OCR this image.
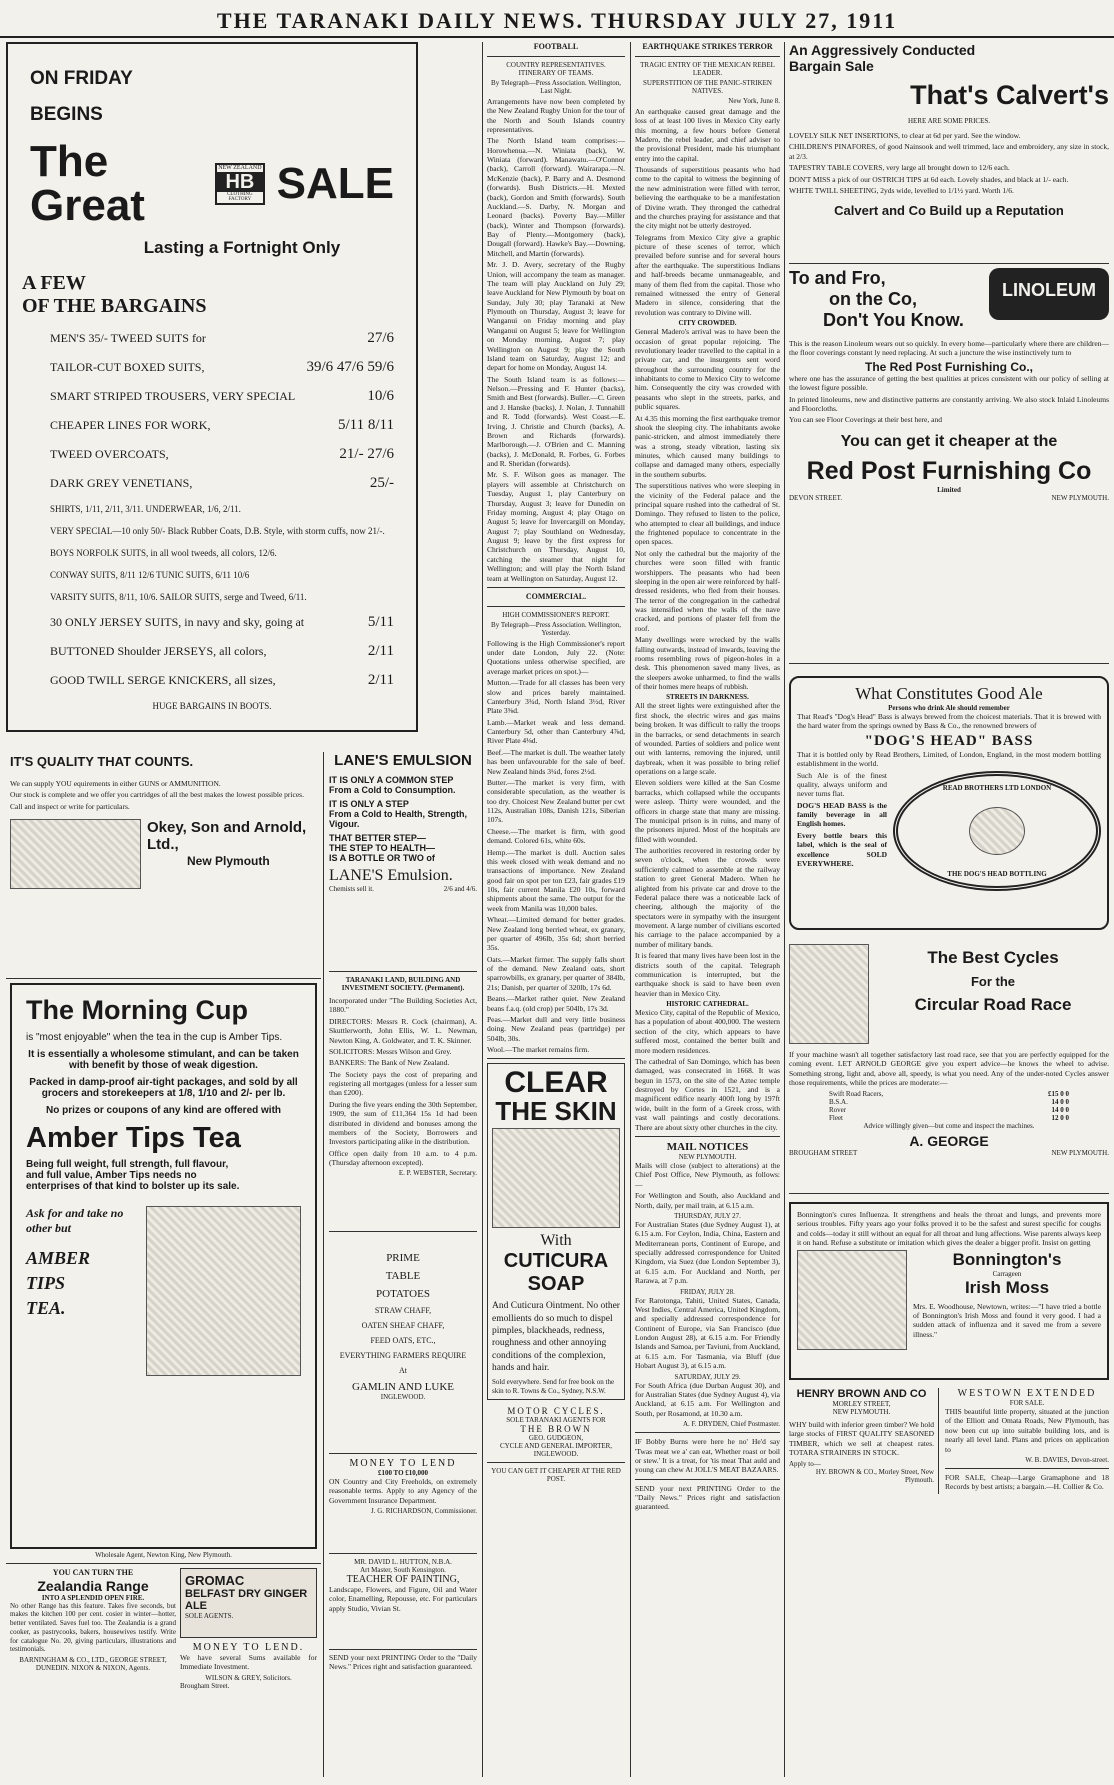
THE TARANAKI DAILY NEWS. THURSDAY JULY 27, 1911
ON FRIDAY
BEGINS
The Great
NEW ZEALAND
HB
CLOTHING FACTORY SALE
Lasting a Fortnight Only
A FEW
OF THE BARGAINS
MEN'S 35/- TWEED SUITS for	27/6
TAILOR-CUT BOXED SUITS,	39/6 47/6 59/6
SMART STRIPED TROUSERS, VERY SPECIAL	10/6
CHEAPER LINES FOR WORK,	5/11 8/11
TWEED OVERCOATS,	21/- 27/6
DARK GREY VENETIANS,	25/-
SHIRTS, 1/11, 2/11, 3/11. UNDERWEAR, 1/6, 2/11.
VERY SPECIAL—10 only 50/- Black Rubber Coats, D.B. Style, with storm cuffs, now 21/-.
BOYS NORFOLK SUITS, in all wool tweeds, all colors, 12/6.
CONWAY SUITS, 8/11 12/6 TUNIC SUITS, 6/11 10/6
VARSITY SUITS, 8/11, 10/6. SAILOR SUITS, serge and Tweed, 6/11.
30 ONLY JERSEY SUITS, in navy and sky, going at	5/11
BUTTONED Shoulder JERSEYS, all colors,	2/11
GOOD TWILL SERGE KNICKERS, all sizes,	2/11
HUGE BARGAINS IN BOOTS.
IT'S QUALITY THAT COUNTS.
We can supply YOU equirements in either GUNS or AMMUNITION.
Our stock is complete and we offer you cartridges of all the best makes the lowest possible prices.
Call and inspect or write for particulars.
Okey, Son and Arnold, Ltd.,
New Plymouth
The Morning Cup
is "most enjoyable" when the tea in the cup is Amber Tips.
It is essentially a wholesome stimulant, and can be taken with benefit by those of weak digestion.
Packed in damp-proof air-tight packages, and sold by all grocers and storekeepers at 1/8, 1/10 and 2/- per lb.
No prizes or coupons of any kind are offered with
Amber Tips Tea
Being full weight, full strength, full flavour, and full value, Amber Tips needs no enterprises of that kind to bolster up its sale.
Ask for and take no other but
AMBER
TIPS
TEA.
Wholesale Agent, Newton King, New Plymouth.
YOU CAN TURN THE
Zealandia Range
INTO A SPLENDID OPEN FIRE.
No other Range has this feature. Takes five seconds, but makes the kitchen 100 per cent. cosier in winter—hotter, better ventilated. Saves fuel too. The Zealandia is a grand cooker, as pastrycooks, bakers, housewives testify. Write for catalogue No. 20, giving particulars, illustrations and testimonials.
BARNINGHAM & CO., LTD., GEORGE STREET, DUNEDIN. NIXON & NIXON, Agents.
GROMAC
BELFAST DRY GINGER ALE
SOLE AGENTS.
MONEY TO LEND.
We have several Sums available for Immediate Investment.
WILSON & GREY, Solicitors.
Brougham Street.
LANE'S EMULSION
IT IS ONLY A COMMON STEP
From a Cold to Consumption.
IT IS ONLY A STEP
From a Cold to Health, Strength, Vigour.
THAT BETTER STEP—
THE STEP TO HEALTH—
IS A BOTTLE OR TWO of
LANE'S Emulsion.
Chemists sell it.	2/6 and 4/6.
TARANAKI LAND, BUILDING AND INVESTMENT SOCIETY. (Permanent).
Incorporated under "The Building Societies Act, 1880."
DIRECTORS: Messrs R. Cock (chairman), A. Skuttlerworth, John Ellis, W. L. Newman, Newton King, A. Goldwater, and T. K. Skinner.
SOLICITORS: Messrs Wilson and Grey.
BANKERS: The Bank of New Zealand.
The Society pays the cost of preparing and registering all mortgages (unless for a lesser sum than £200).
During the five years ending the 30th September, 1909, the sum of £11,364 15s 1d had been distributed in dividend and bonuses among the members of the Society, Borrowers and Investors participating alike in the distribution.
Office open daily from 10 a.m. to 4 p.m. (Thursday afternoon excepted).
E. P. WEBSTER, Secretary.
PRIME
TABLE
POTATOES
STRAW CHAFF,
OATEN SHEAF CHAFF,
FEED OATS, ETC.,
EVERYTHING FARMERS REQUIRE
At
GAMLIN AND LUKE
INGLEWOOD.
MONEY TO LEND
£100 TO £10,000
ON Country and City Freeholds, on extremely reasonable terms. Apply to any Agency of the Government Insurance Department.
J. G. RICHARDSON, Commissioner.
MR. DAVID L. HUTTON, N.B.A.
Art Master, South Kensington.
TEACHER OF PAINTING,
Landscape, Flowers, and Figure, Oil and Water color, Enamelling, Repousse, etc. For particulars apply Studio, Vivian St.
SEND your next PRINTING Order to the "Daily News." Prices right and satisfaction guaranteed.
FOOTBALL
COUNTRY REPRESENTATIVES.
ITINERARY OF TEAMS.
By Telegraph—Press Association. Wellington, Last Night.
Arrangements have now been completed by the New Zealand Rugby Union for the tour of the North and South Islands country representatives.
The North Island team comprises:—Horowhenua.—N. Winiata (back), W. Winiata (forward). Manawatu.—O'Connor (back), Carroll (forward). Wairarapa.—N. McKenzie (back), P. Barry and A. Desmond (forwards). Bush Districts.—H. Mexted (back), Gordon and Smith (forwards). South Auckland.—S. Darby, N. Morgan and Leonard (backs). Poverty Bay.—Miller (back), Winter and Thompson (forwards). Bay of Plenty.—Montgomery (back), Dougall (forward). Hawke's Bay.—Downing, Mitchell, and Martin (forwards).
Mr. J. D. Avery, secretary of the Rugby Union, will accompany the team as manager. The team will play Auckland on July 29; leave Auckland for New Plymouth by boat on Sunday, July 30; play Taranaki at New Plymouth on Thursday, August 3; leave for Wanganui on Friday morning and play Wanganui on August 5; leave for Wellington on Monday morning, August 7; play Wellington on August 9; play the South Island team on Saturday, August 12; and depart for home on Monday, August 14.
The South Island team is as follows:—Nelson.—Pressing and F. Hunter (backs), Smith and Best (forwards). Buller.—C. Green and J. Hanske (backs), J. Nolan, J. Tunnahill and R. Todd (forwards). West Coast.—E. Irving, J. Christie and Church (backs), A. Brown and Richards (forwards). Marlborough.—J. O'Brien and C. Manning (backs), J. McDonald, R. Forbes, G. Forbes and R. Sheridan (forwards).
Mr. S. F. Wilson goes as manager. The players will assemble at Christchurch on Tuesday, August 1, play Canterbury on Thursday, August 3; leave for Dunedin on Friday morning, August 4; play Otago on August 5; leave for Invercargill on Monday, August 7; play Southland on Wednesday, August 9; leave by the first express for Christchurch on Thursday, August 10, catching the steamer that night for Wellington; and will play the North Island team at Wellington on Saturday, August 12.
COMMERCIAL.
HIGH COMMISSIONER'S REPORT.
By Telegraph—Press Association. Wellington, Yesterday.
Following is the High Commissioner's report under date London, July 22. (Note: Quotations unless otherwise specified, are average market prices on spot.)—
Mutton.—Trade for all classes has been very slow and prices barely maintained. Canterbury 3¾d, North Island 3½d, River Plate 3⅝d.
Lamb.—Market weak and less demand. Canterbury 5d, other than Canterbury 4⅞d, River Plate 4⅛d.
Beef.—The market is dull. The weather lately has been unfavourable for the sale of beef. New Zealand hinds 3¼d, fores 2½d.
Butter.—The market is very firm, with considerable speculation, as the weather is too dry. Choicest New Zealand butter per cwt 112s, Australian 108s, Danish 121s, Siberian 107s.
Cheese.—The market is firm, with good demand. Colored 61s, white 60s.
Hemp.—The market is dull. Auction sales this week closed with weak demand and no transactions of importance. New Zealand good fair on spot per ton £23, fair grades £19 10s, fair current Manila £20 10s, forward shipments about the same. The output for the week from Manila was 10,000 bales.
Wheat.—Limited demand for better grades. New Zealand long berried wheat, ex granary, per quarter of 496lb, 35s 6d; short berried 35s.
Oats.—Market firmer. The supply falls short of the demand. New Zealand oats, short sparrowbills, ex granary, per quarter of 384lb, 21s; Danish, per quarter of 320lb, 17s 6d.
Beans.—Market rather quiet. New Zealand beans f.a.q. (old crop) per 504lb, 17s 3d.
Peas.—Market dull and very little business doing. New Zealand peas (partridge) per 504lb, 30s.
Wool.—The market remains firm.
CLEAR
THE SKIN
With
CUTICURA
SOAP
And Cuticura Ointment. No other emollients do so much to dispel pimples, blackheads, redness, roughness and other annoying conditions of the complexion, hands and hair.
Sold everywhere. Send for free book on the skin to R. Towns & Co., Sydney, N.S.W.
MOTOR CYCLES.
SOLE TARANAKI AGENTS FOR
THE BROWN
GEO. GUDGEON,
CYCLE AND GENERAL IMPORTER, INGLEWOOD.
YOU CAN GET IT CHEAPER AT THE RED POST.
EARTHQUAKE STRIKES TERROR
TRAGIC ENTRY OF THE MEXICAN REBEL LEADER.
SUPERSTITION OF THE PANIC-STRIKEN NATIVES.
New York, June 8.
An earthquake caused great damage and the loss of at least 100 lives in Mexico City early this morning, a few hours before General Madero, the rebel leader, and chief adviser to the provisional President, made his triumphant entry into the capital.
Thousands of superstitious peasants who had come to the capital to witness the beginning of the new administration were filled with terror, believing the earthquake to be a manifestation of Divine wrath. They thronged the cathedral and the churches praying for assistance and that the city might not be utterly destroyed.
Telegrams from Mexico City give a graphic picture of these scenes of terror, which prevailed before sunrise and for several hours after the earthquake. The superstitious Indians and half-breeds became unmanageable, and many of them fled from the capital. Those who remained witnessed the entry of General Madero in silence, considering that the revolution was contrary to Divine will.
CITY CROWDED.
General Madero's arrival was to have been the occasion of great popular rejoicing. The revolutionary leader travelled to the capital in a private car, and the insurgents sent word throughout the surrounding country for the inhabitants to come to Mexico City to welcome him. Consequently the city was crowded with peasants who slept in the streets, parks, and public squares.
At 4.35 this morning the first earthquake tremor shook the sleeping city. The inhabitants awoke panic-stricken, and almost immediately there was a strong, steady vibration, lasting six minutes, which caused many buildings to collapse and damaged many others, especially in the southern suburbs.
The superstitious natives who were sleeping in the vicinity of the Federal palace and the principal square rushed into the cathedral of St. Domingo. They refused to listen to the police, who attempted to clear all buildings, and induce the frightened populace to concentrate in the open spaces.
Not only the cathedral but the majority of the churches were soon filled with frantic worshippers. The peasants who had been sleeping in the open air were reinforced by half-dressed residents, who fled from their houses. The terror of the congregation in the cathedral was intensified when the walls of the nave cracked, and portions of plaster fell from the roof.
Many dwellings were wrecked by the walls falling outwards, instead of inwards, leaving the rooms resembling rows of pigeon-holes in a desk. This phenomenon saved many lives, as the sleepers awoke unharmed, to find the walls of their homes mere heaps of rubbish.
STREETS IN DARKNESS.
All the street lights were extinguished after the first shock, the electric wires and gas mains being broken. It was difficult to rally the troops in the barracks, or send detachments in search of wounded. Parties of soldiers and police went out with lanterns, removing the injured, until daybreak, when it was possible to bring relief operations on a large scale.
Eleven soldiers were killed at the San Cosme barracks, which collapsed while the occupants were asleep. Thirty were wounded, and the officers in charge state that many are missing. The municipal prison is in ruins, and many of the prisoners injured. Most of the hospitals are filled with wounded.
The authorities recovered in restoring order by seven o'clock, when the crowds were sufficiently calmed to assemble at the railway station to greet General Madero. When he alighted from his private car and drove to the Federal palace there was a noticeable lack of cheering, although the majority of the spectators were in sympathy with the insurgent movement. A large number of civilians escorted his carriage to the palace accompanied by a number of military bands.
It is feared that many lives have been lost in the districts south of the capital. Telegraph communication is interrupted, but the earthquake shock is said to have been even heavier than in Mexico City.
HISTORIC CATHEDRAL.
Mexico City, capital of the Republic of Mexico, has a population of about 400,000. The western section of the city, which appears to have suffered most, contained the better built and more modern residences.
The cathedral of San Domingo, which has been damaged, was consecrated in 1668. It was begun in 1573, on the site of the Aztec temple destroyed by Cortes in 1521, and is a magnificent edifice nearly 400ft long by 197ft wide, built in the form of a Greek cross, with vast wall paintings and costly decorations. There are about sixty other churches in the city.
MAIL NOTICES
NEW PLYMOUTH.
Mails will close (subject to alterations) at the Chief Post Office, New Plymouth, as follows:—
For Wellington and South, also Auckland and North, daily, per mail train, at 6.15 a.m.
THURSDAY, JULY 27.
For Australian States (due Sydney August 1), at 6.15 a.m. For Ceylon, India, China, Eastern and Mediterranean ports, Continent of Europe, and specially addressed correspondence for United Kingdom, via Suez (due London September 3), at 6.15 a.m. For Auckland and North, per Rarawa, at 7 p.m.
FRIDAY, JULY 28.
For Rarotonga, Tahiti, United States, Canada, West Indies, Central America, United Kingdom, and specially addressed correspondence for Continent of Europe, via San Francisco (due London August 28), at 6.15 a.m. For Friendly Islands and Samoa, per Taviuni, from Auckland, at 6.15 a.m. For Tasmania, via Bluff (due Hobart August 3), at 6.15 a.m.
SATURDAY, JULY 29.
For South Africa (due Durban August 30), and for Australian States (due Sydney August 4), via Auckland, at 6.15 a.m. For Wellington and South, per Rosamond, at 10.30 a.m.
A. F. DRYDEN, Chief Postmaster.
IF Bobby Burns were here he no' He'd say 'Twas meat we a' can eat, Whether roast or boil or stew.' It is a treat, for 'tis meat That auld and young can chew At JOLL'S MEAT BAZAARS.
SEND your next PRINTING Order to the "Daily News." Prices right and satisfaction guaranteed.
An Aggressively Conducted
Bargain Sale
That's Calvert's
HERE ARE SOME PRICES.
LOVELY SILK NET INSERTIONS, to clear at 6d per yard. See the window.
CHILDREN'S PINAFORES, of good Nainsook and well trimmed, lace and embroidery, any size in stock, at 2/3.
TAPESTRY TABLE COVERS, very large all brought down to 12/6 each.
DON'T MISS a pick of our OSTRICH TIPS at 6d each. Lovely shades, and black at 1/- each.
WHITE TWILL SHEETING, 2yds wide, levelled to 1/1½ yard. Worth 1/6.
Calvert and Co Build up a Reputation
To and Fro,
on the Co,
Don't You Know.
LINOLEUM
This is the reason Linoleum wears out so quickly. In every home—particularly where there are children—the floor coverings constant ly need replacing. At such a juncture the wise instinctively turn to
The Red Post Furnishing Co.,
where one has the assurance of getting the best qualities at prices consistent with our policy of selling at the lowest figure possible.
In printed linoleums, new and distinctive patterns are constantly arriving. We also stock Inlaid Linoleums and Floorcloths.
You can see Floor Coverings at their best here, and
You can get it cheaper at the
Red Post Furnishing Co
Limited
DEVON STREET.	NEW PLYMOUTH.
What Constitutes Good Ale
Persons who drink Ale should remember
That Read's "Dog's Head" Bass is always brewed from the choicest materials. That it is brewed with the hard water from the springs owned by Bass & Co., the renowned brewers of
"DOG'S HEAD" BASS
That it is bottled only by Read Brothers, Limited, of London, England, in the most modern bottling establishment in the world.
Such Ale is of the finest quality, always uniform and never turns flat.
DOG'S HEAD BASS is the family beverage in all English homes.
Every bottle bears this label, which is the seal of excellence SOLD EVERYWHERE.
READ BROTHERS LTD LONDON
THE DOG'S HEAD BOTTLING
The Best Cycles
For the
Circular Road Race
If your machine wasn't all together satisfactory last road race, see that you are perfectly equipped for the coming event. LET ARNOLD GEORGE give you expert advice—he knows the wheel to advise. Something strong, light and, above all, speedy, is what you need. Any of the under-noted Cycles answer those requirements, while the prices are moderate:—
Swift Road Racers,	£15 0 0
B.S.A.	14 0 0
Rover	14 0 0
Fleet	12 0 0
Advice willingly given—but come and inspect the machines.
A. GEORGE
BROUGHAM STREET	NEW PLYMOUTH.
Bonnington's cures Influenza. It strengthens and heals the throat and lungs, and prevents more serious troubles. Fifty years ago your folks proved it to be the safest and surest specific for coughs and colds—today it still without an equal for all throat and lung affections. Wise parents always keep it on hand. Refuse a substitute or imitation which gives the dealer a bigger profit. Insist on getting
Bonnington's
Carrageen
Irish Moss
Mrs. E. Woodhouse, Newtown, writes:—"I have tried a bottle of Bonnington's Irish Moss and found it very good. I had a sudden attack of influenza and it saved me from a severe illness."
HENRY BROWN AND CO
MORLEY STREET,
NEW PLYMOUTH.
WHY build with inferior green timber? We hold large stocks of FIRST QUALITY SEASONED TIMBER, which we sell at cheapest rates. TOTARA STRAINERS IN STOCK.
Apply to—
HY. BROWN & CO., Morley Street, New Plymouth.
WESTOWN EXTENDED
FOR SALE.
THIS beautiful little property, situated at the junction of the Elliott and Omata Roads, New Plymouth, has now been cut up into suitable building lots, and is nearly all level land. Plans and prices on application to
W. B. DAVIES, Devon-street.
FOR SALE, Cheap—Large Gramaphone and 18 Records by best artists; a bargain.—H. Collier & Co.
